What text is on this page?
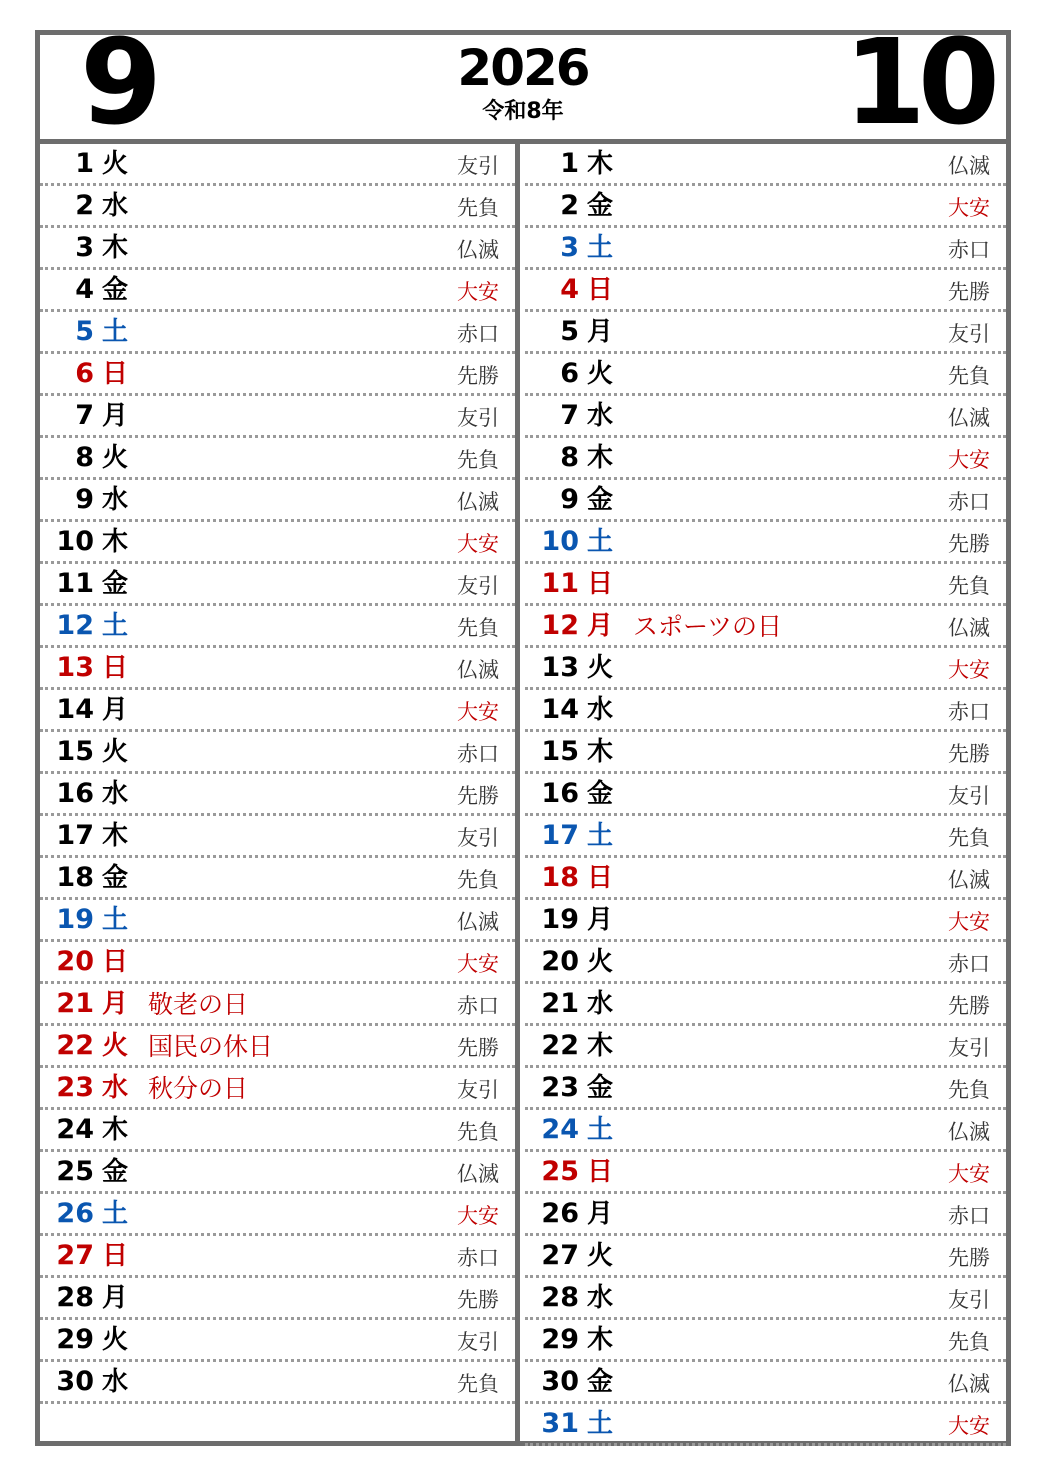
9	2026
令和8年	10
1 火	友引
2 水	先負
3 木	仏滅
4 金	大安
5 土	赤口
6 日	先勝
7 月	友引
8 火	先負
9 水	仏滅
10 木	大安
11 金	友引
12 土	先負
13 日	仏滅
14 月	大安
15 火	赤口
16 水	先勝
17 木	友引
18 金	先負
19 土	仏滅
20 日	大安
21 月 敬老の日	赤口
22 火 国民の休日	先勝
23 水 秋分の日	友引
24 木	先負
25 金	仏滅
26 土	大安
27 日	赤口
28 月	先勝
29 火	友引
30 水	先負
1 木	仏滅
2 金	大安
3 土	赤口
4 日	先勝
5 月	友引
6 火	先負
7 水	仏滅
8 木	大安
9 金	赤口
10 土	先勝
11 日	先負
12 月 スポーツの日	仏滅
13 火	大安
14 水	赤口
15 木	先勝
16 金	友引
17 土	先負
18 日	仏滅
19 月	大安
20 火	赤口
21 水	先勝
22 木	友引
23 金	先負
24 土	仏滅
25 日	大安
26 月	赤口
27 火	先勝
28 水	友引
29 木	先負
30 金	仏滅
31 土	大安
